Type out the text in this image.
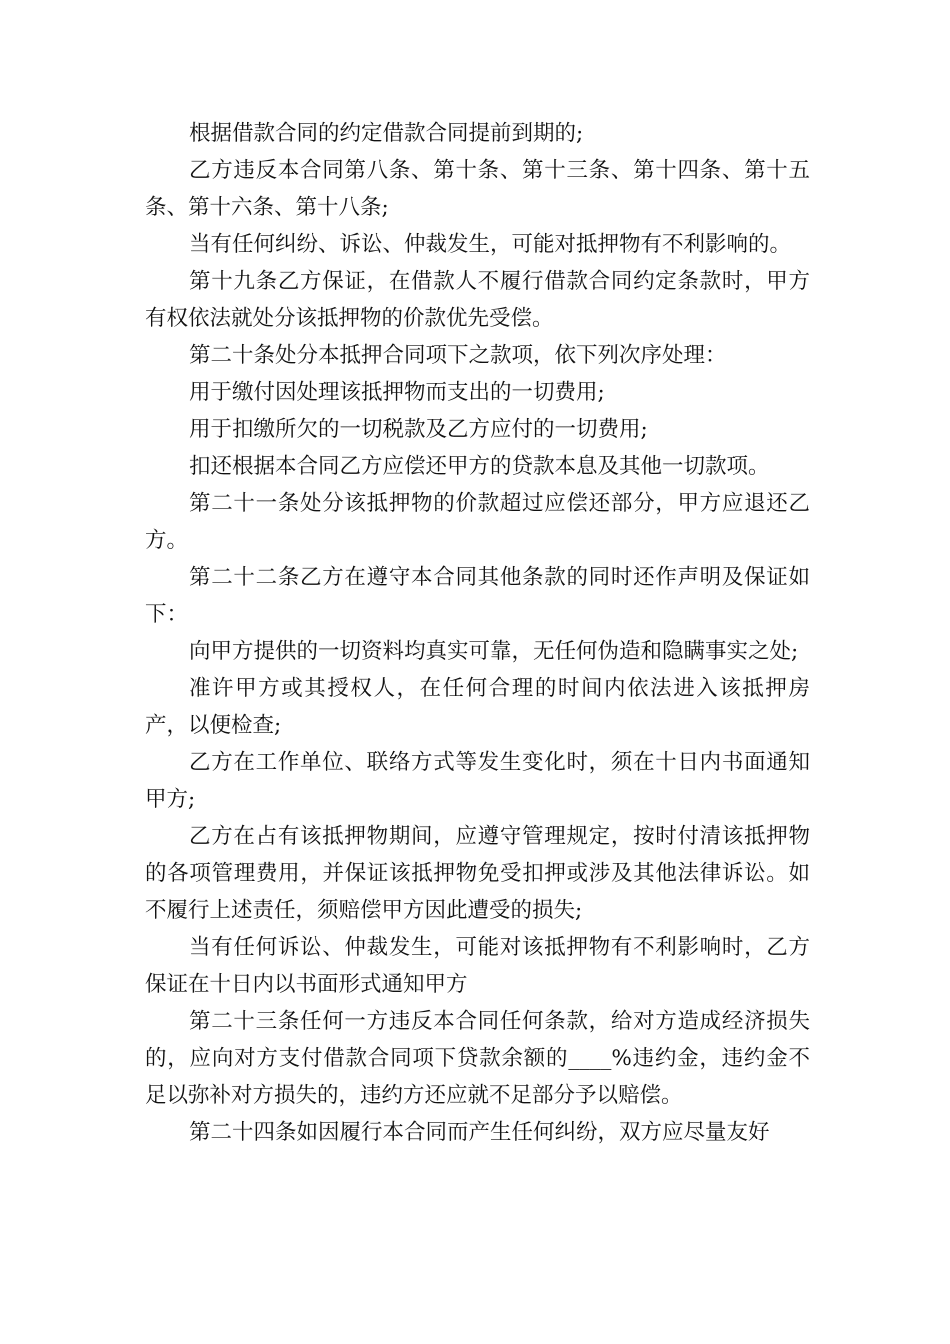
根据借款合同的约定借款合同提前到期的;

乙方违反本合同第八条、第十条、第十三条、第十四条、第十五条、第十六条、第十八条;

当有任何纠纷、诉讼、仲裁发生，可能对抵押物有不利影响的。

第十九条乙方保证，在借款人不履行借款合同约定条款时，甲方有权依法就处分该抵押物的价款优先受偿。

第二十条处分本抵押合同项下之款项，依下列次序处理：

用于缴付因处理该抵押物而支出的一切费用;

用于扣缴所欠的一切税款及乙方应付的一切费用;

扣还根据本合同乙方应偿还甲方的贷款本息及其他一切款项。

第二十一条处分该抵押物的价款超过应偿还部分，甲方应退还乙方。

第二十二条乙方在遵守本合同其他条款的同时还作声明及保证如下：

向甲方提供的一切资料均真实可靠，无任何伪造和隐瞒事实之处;

准许甲方或其授权人，在任何合理的时间内依法进入该抵押房产，以便检查;

乙方在工作单位、联络方式等发生变化时，须在十日内书面通知甲方;

乙方在占有该抵押物期间，应遵守管理规定，按时付清该抵押物的各项管理费用，并保证该抵押物免受扣押或涉及其他法律诉讼。如不履行上述责任，须赔偿甲方因此遭受的损失;

当有任何诉讼、仲裁发生，可能对该抵押物有不利影响时，乙方保证在十日内以书面形式通知甲方

第二十三条任何一方违反本合同任何条款，给对方造成经济损失的，应向对方支付借款合同项下贷款余额的____%违约金，违约金不足以弥补对方损失的，违约方还应就不足部分予以赔偿。

第二十四条如因履行本合同而产生任何纠纷，双方应尽量友好
